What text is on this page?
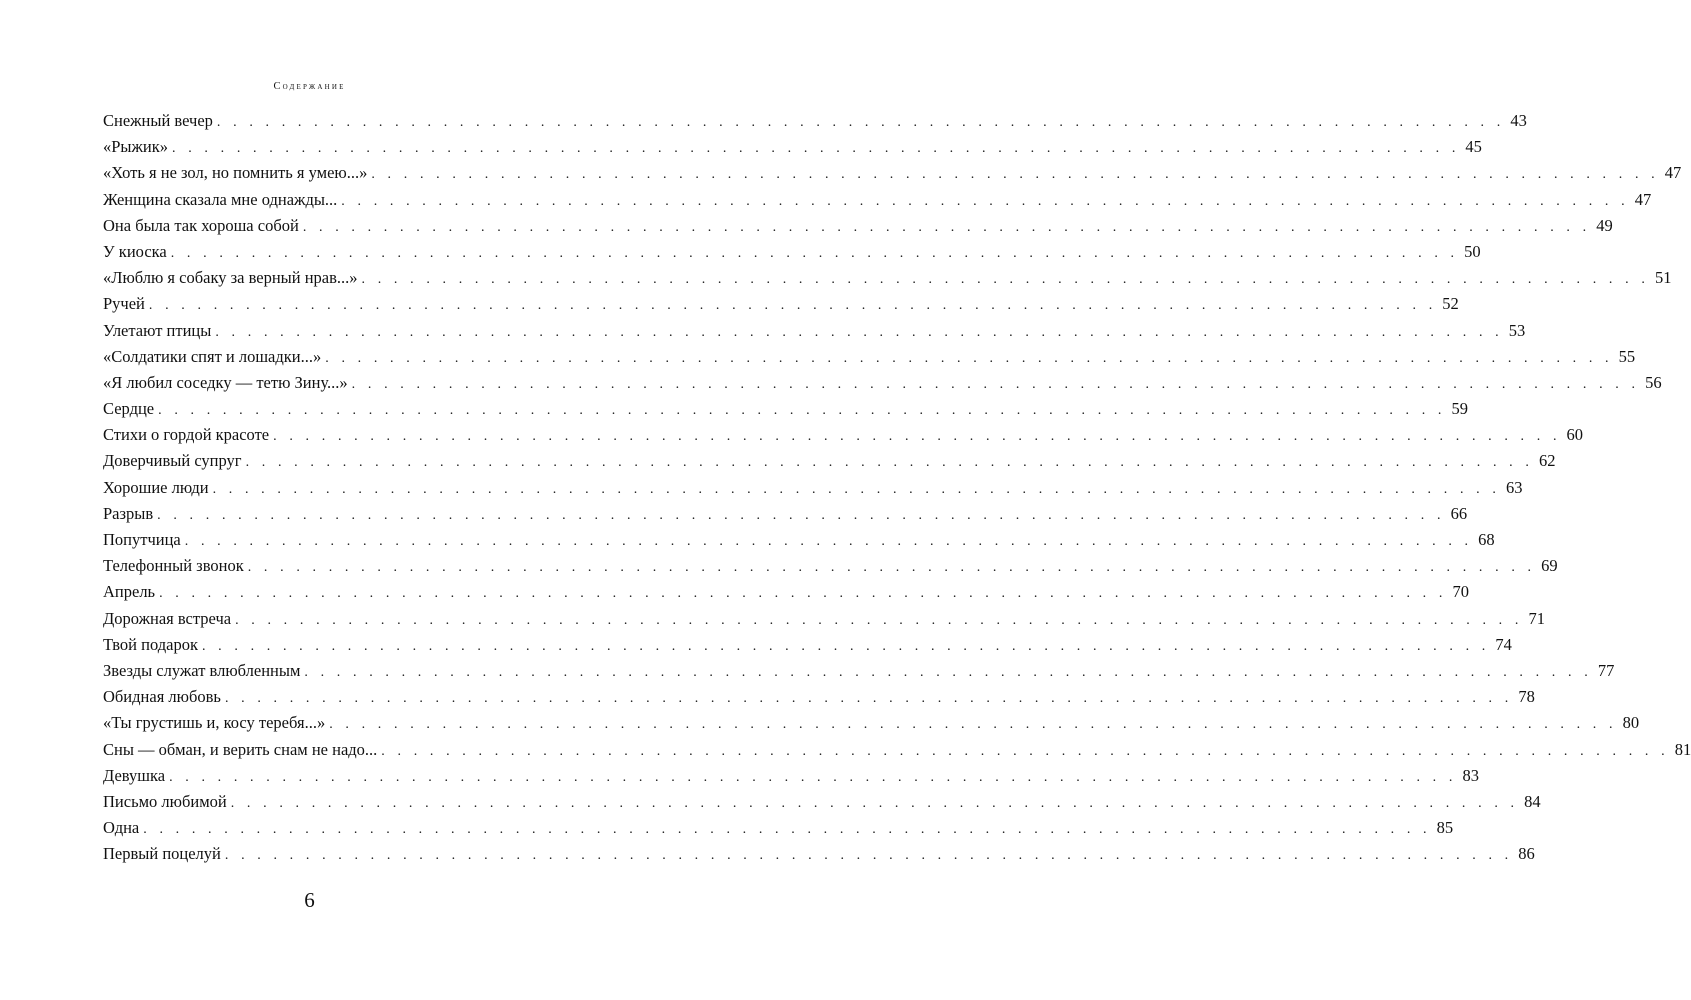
Содержание
Снежный вечер . . . . . . . . . . . . . . . . . . . . . . . . . . . . . . . . . . . . . . . . . . . . . . . . . . . . . . . . . . . . . . . . . . . . . . . . . . . . . . . . 43
«Рыжик» . . . . . . . . . . . . . . . . . . . . . . . . . . . . . . . . . . . . . . . . . . . . . . . . . . . . . . . . . . . . . . . . . . . . . . . . . . . . . . . . 45
«Хоть я не зол, но помнить я умею...» . . . . . . . . . . . . . . . . . . . . . . . . . . . . . . . . . . . . . . . . . . . . . . . . . . . . . . . . . . . . . . . . . . . . . . . . . . . . . . . . 47
Женщина сказала мне однажды... . . . . . . . . . . . . . . . . . . . . . . . . . . . . . . . . . . . . . . . . . . . . . . . . . . . . . . . . . . . . . . . . . . . . . . . . . . . . . . . . 47
Она была так хороша собой . . . . . . . . . . . . . . . . . . . . . . . . . . . . . . . . . . . . . . . . . . . . . . . . . . . . . . . . . . . . . . . . . . . . . . . . . . . . . . . . 49
У киоска . . . . . . . . . . . . . . . . . . . . . . . . . . . . . . . . . . . . . . . . . . . . . . . . . . . . . . . . . . . . . . . . . . . . . . . . . . . . . . . . 50
«Люблю я собаку за верный нрав...» . . . . . . . . . . . . . . . . . . . . . . . . . . . . . . . . . . . . . . . . . . . . . . . . . . . . . . . . . . . . . . . . . . . . . . . . . . . . . . . . 51
Ручей . . . . . . . . . . . . . . . . . . . . . . . . . . . . . . . . . . . . . . . . . . . . . . . . . . . . . . . . . . . . . . . . . . . . . . . . . . . . . . . . 52
Улетают птицы . . . . . . . . . . . . . . . . . . . . . . . . . . . . . . . . . . . . . . . . . . . . . . . . . . . . . . . . . . . . . . . . . . . . . . . . . . . . . . . . 53
«Солдатики спят и лошадки...» . . . . . . . . . . . . . . . . . . . . . . . . . . . . . . . . . . . . . . . . . . . . . . . . . . . . . . . . . . . . . . . . . . . . . . . . . . . . . . . . 55
«Я любил соседку — тетю Зину...» . . . . . . . . . . . . . . . . . . . . . . . . . . . . . . . . . . . . . . . . . . . . . . . . . . . . . . . . . . . . . . . . . . . . . . . . . . . . . . . . 56
Сердце . . . . . . . . . . . . . . . . . . . . . . . . . . . . . . . . . . . . . . . . . . . . . . . . . . . . . . . . . . . . . . . . . . . . . . . . . . . . . . . . 59
Стихи о гордой красоте . . . . . . . . . . . . . . . . . . . . . . . . . . . . . . . . . . . . . . . . . . . . . . . . . . . . . . . . . . . . . . . . . . . . . . . . . . . . . . . . 60
Доверчивый супруг . . . . . . . . . . . . . . . . . . . . . . . . . . . . . . . . . . . . . . . . . . . . . . . . . . . . . . . . . . . . . . . . . . . . . . . . . . . . . . . . 62
Хорошие люди . . . . . . . . . . . . . . . . . . . . . . . . . . . . . . . . . . . . . . . . . . . . . . . . . . . . . . . . . . . . . . . . . . . . . . . . . . . . . . . . 63
Разрыв . . . . . . . . . . . . . . . . . . . . . . . . . . . . . . . . . . . . . . . . . . . . . . . . . . . . . . . . . . . . . . . . . . . . . . . . . . . . . . . . 66
Попутчица . . . . . . . . . . . . . . . . . . . . . . . . . . . . . . . . . . . . . . . . . . . . . . . . . . . . . . . . . . . . . . . . . . . . . . . . . . . . . . . . 68
Телефонный звонок . . . . . . . . . . . . . . . . . . . . . . . . . . . . . . . . . . . . . . . . . . . . . . . . . . . . . . . . . . . . . . . . . . . . . . . . . . . . . . . . 69
Апрель . . . . . . . . . . . . . . . . . . . . . . . . . . . . . . . . . . . . . . . . . . . . . . . . . . . . . . . . . . . . . . . . . . . . . . . . . . . . . . . . 70
Дорожная встреча . . . . . . . . . . . . . . . . . . . . . . . . . . . . . . . . . . . . . . . . . . . . . . . . . . . . . . . . . . . . . . . . . . . . . . . . . . . . . . . . 71
Твой подарок . . . . . . . . . . . . . . . . . . . . . . . . . . . . . . . . . . . . . . . . . . . . . . . . . . . . . . . . . . . . . . . . . . . . . . . . . . . . . . . . 74
Звезды служат влюбленным . . . . . . . . . . . . . . . . . . . . . . . . . . . . . . . . . . . . . . . . . . . . . . . . . . . . . . . . . . . . . . . . . . . . . . . . . . . . . . . . 77
Обидная любовь . . . . . . . . . . . . . . . . . . . . . . . . . . . . . . . . . . . . . . . . . . . . . . . . . . . . . . . . . . . . . . . . . . . . . . . . . . . . . . . . 78
«Ты грустишь и, косу теребя...» . . . . . . . . . . . . . . . . . . . . . . . . . . . . . . . . . . . . . . . . . . . . . . . . . . . . . . . . . . . . . . . . . . . . . . . . . . . . . . . . 80
Сны — обман, и верить снам не надо... . . . . . . . . . . . . . . . . . . . . . . . . . . . . . . . . . . . . . . . . . . . . . . . . . . . . . . . . . . . . . . . . . . . . . . . . . . . . . . . . 81
Девушка . . . . . . . . . . . . . . . . . . . . . . . . . . . . . . . . . . . . . . . . . . . . . . . . . . . . . . . . . . . . . . . . . . . . . . . . . . . . . . . . 83
Письмо любимой . . . . . . . . . . . . . . . . . . . . . . . . . . . . . . . . . . . . . . . . . . . . . . . . . . . . . . . . . . . . . . . . . . . . . . . . . . . . . . . . 84
Одна . . . . . . . . . . . . . . . . . . . . . . . . . . . . . . . . . . . . . . . . . . . . . . . . . . . . . . . . . . . . . . . . . . . . . . . . . . . . . . . . 85
Первый поцелуй . . . . . . . . . . . . . . . . . . . . . . . . . . . . . . . . . . . . . . . . . . . . . . . . . . . . . . . . . . . . . . . . . . . . . . . . . . . . . . . . 86
6
